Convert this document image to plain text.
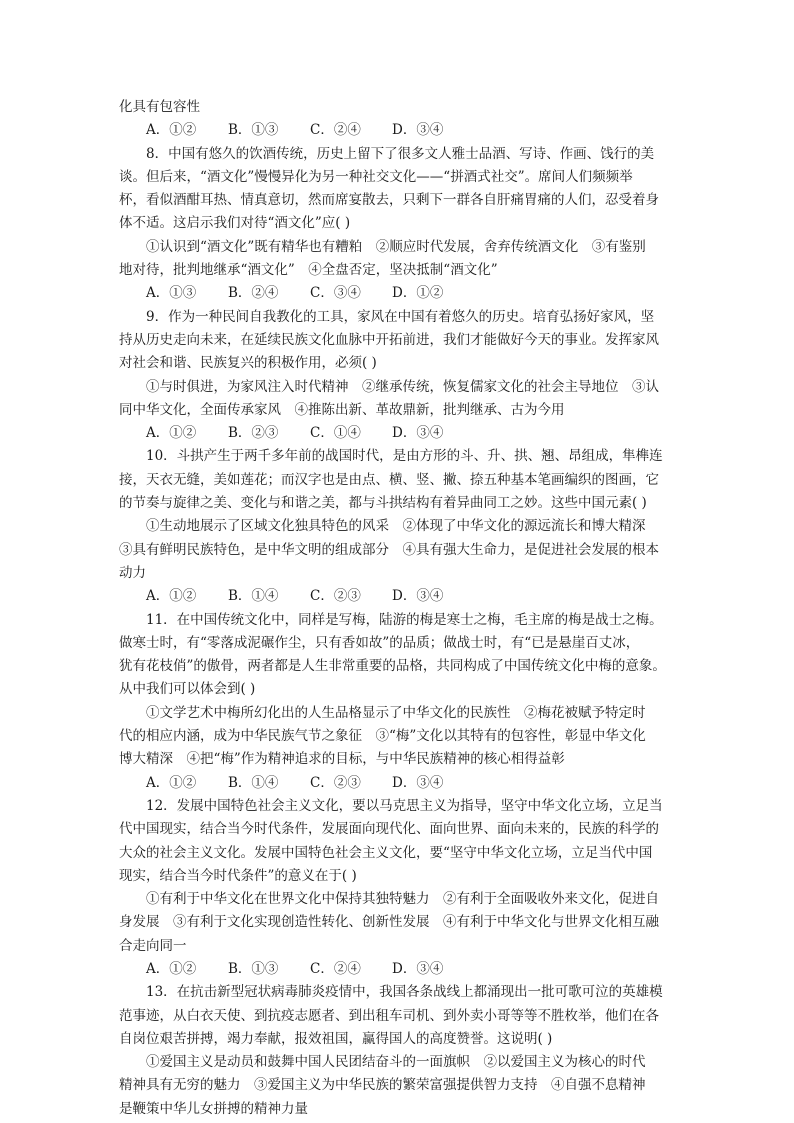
化具有包容性
A．①② B．①③ C．②④ D．③④
8．中国有悠久的饮酒传统，历史上留下了很多文人雅士品酒、写诗、作画、饯行的美
谈。但后来，“酒文化”慢慢异化为另一种社交文化——“拼酒式社交”。席间人们频频举
杯，看似酒酣耳热、情真意切，然而席宴散去，只剩下一群各自肝痛胃痛的人们，忍受着身
体不适。这启示我们对待“酒文化”应( )
①认识到“酒文化”既有精华也有糟粕　②顺应时代发展，舍弃传统酒文化　③有鉴别
地对待，批判地继承“酒文化”　④全盘否定，坚决抵制“酒文化”
A．①③ B．②④ C．③④ D．①②
9．作为一种民间自我教化的工具，家风在中国有着悠久的历史。培育弘扬好家风，坚
持从历史走向未来，在延续民族文化血脉中开拓前进，我们才能做好今天的事业。发挥家风
对社会和谐、民族复兴的积极作用，必须( )
①与时俱进，为家风注入时代精神　②继承传统，恢复儒家文化的社会主导地位　③认
同中华文化，全面传承家风　④推陈出新、革故鼎新，批判继承、古为今用
A．①② B．②③ C．①④ D．③④
10．斗拱产生于两千多年前的战国时代，是由方形的斗、升、拱、翘、昂组成，隼榫连
接，天衣无缝，美如莲花；而汉字也是由点、横、竖、撇、捺五种基本笔画编织的图画，它
的节奏与旋律之美、变化与和谐之美，都与斗拱结构有着异曲同工之妙。这些中国元素( )
①生动地展示了区域文化独具特色的风采　②体现了中华文化的源远流长和博大精深
③具有鲜明民族特色，是中华文明的组成部分　④具有强大生命力，是促进社会发展的根本
动力
A．①② B．①④ C．②③ D．③④
11．在中国传统文化中，同样是写梅，陆游的梅是寒士之梅，毛主席的梅是战士之梅。
做寒士时，有“零落成泥碾作尘，只有香如故”的品质；做战士时，有“已是悬崖百丈冰，
犹有花枝俏”的傲骨，两者都是人生非常重要的品格，共同构成了中国传统文化中梅的意象。
从中我们可以体会到( )
①文学艺术中梅所幻化出的人生品格显示了中华文化的民族性　②梅花被赋予特定时
代的相应内涵，成为中华民族气节之象征　③“梅”文化以其特有的包容性，彰显中华文化
博大精深　④把“梅”作为精神追求的目标，与中华民族精神的核心相得益彰
A．①② B．①④ C．②③ D．③④
12．发展中国特色社会主义文化，要以马克思主义为指导，坚守中华文化立场，立足当
代中国现实，结合当今时代条件，发展面向现代化、面向世界、面向未来的，民族的科学的
大众的社会主义文化。发展中国特色社会主义文化，要“坚守中华文化立场，立足当代中国
现实，结合当今时代条件”的意义在于( )
①有利于中华文化在世界文化中保持其独特魅力　②有利于全面吸收外来文化，促进自
身发展　③有利于文化实现创造性转化、创新性发展　④有利于中华文化与世界文化相互融
合走向同一
A．①② B．①③ C．②④ D．③④
13．在抗击新型冠状病毒肺炎疫情中，我国各条战线上都涌现出一批可歌可泣的英雄模
范事迹，从白衣天使、到抗疫志愿者、到出租车司机、到外卖小哥等等不胜枚举，他们在各
自岗位艰苦拼搏，竭力奉献，报效祖国，赢得国人的高度赞誉。这说明( )
①爱国主义是动员和鼓舞中国人民团结奋斗的一面旗帜　②以爱国主义为核心的时代
精神具有无穷的魅力　③爱国主义为中华民族的繁荣富强提供智力支持　④自强不息精神
是鞭策中华儿女拼搏的精神力量
